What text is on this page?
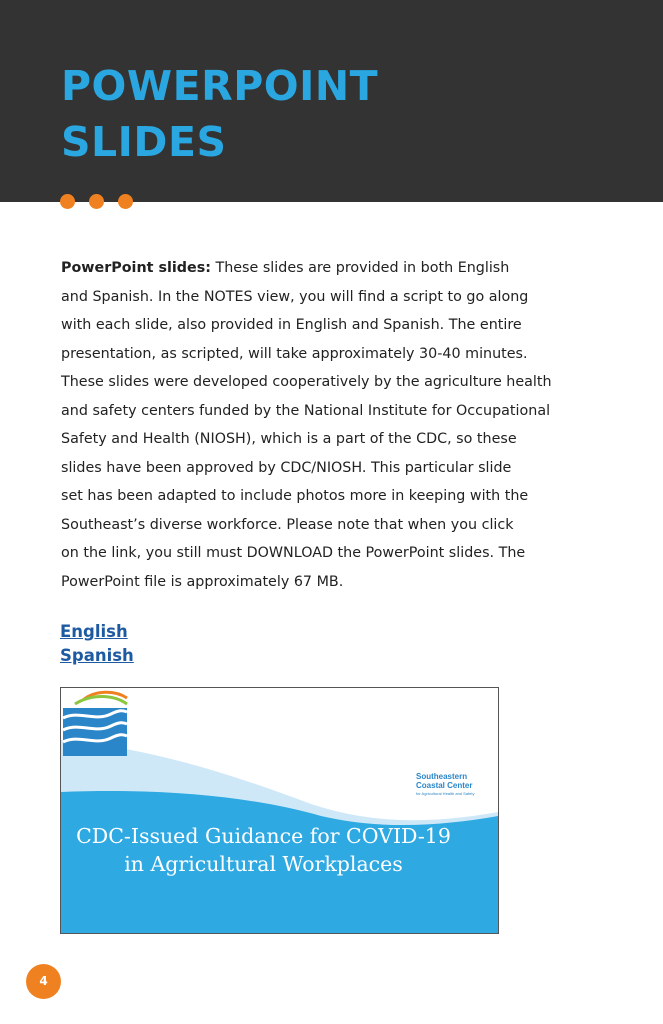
POWERPOINT
SLIDES

PowerPoint slides: These slides are provided in both English
and Spanish. In the NOTES view, you will find a script to go along
with each slide, also provided in English and Spanish. The entire
presentation, as scripted, will take approximately 30-40 minutes.
These slides were developed cooperatively by the agriculture health
and safety centers funded by the National Institute for Occupational
Safety and Health (NIOSH), which is a part of the CDC, so these
slides have been approved by CDC/NIOSH. This particular slide
set has been adapted to include photos more in keeping with the
Southeast’s diverse workforce. Please note that when you click
on the link, you still must DOWNLOAD the PowerPoint slides. The
PowerPoint file is approximately 67 MB.

English
Spanish
Southeastern
Coastal Center
for Agricultural Health and Safety
CDC-Issued Guidance for COVID-19
in Agricultural Workplaces
4
